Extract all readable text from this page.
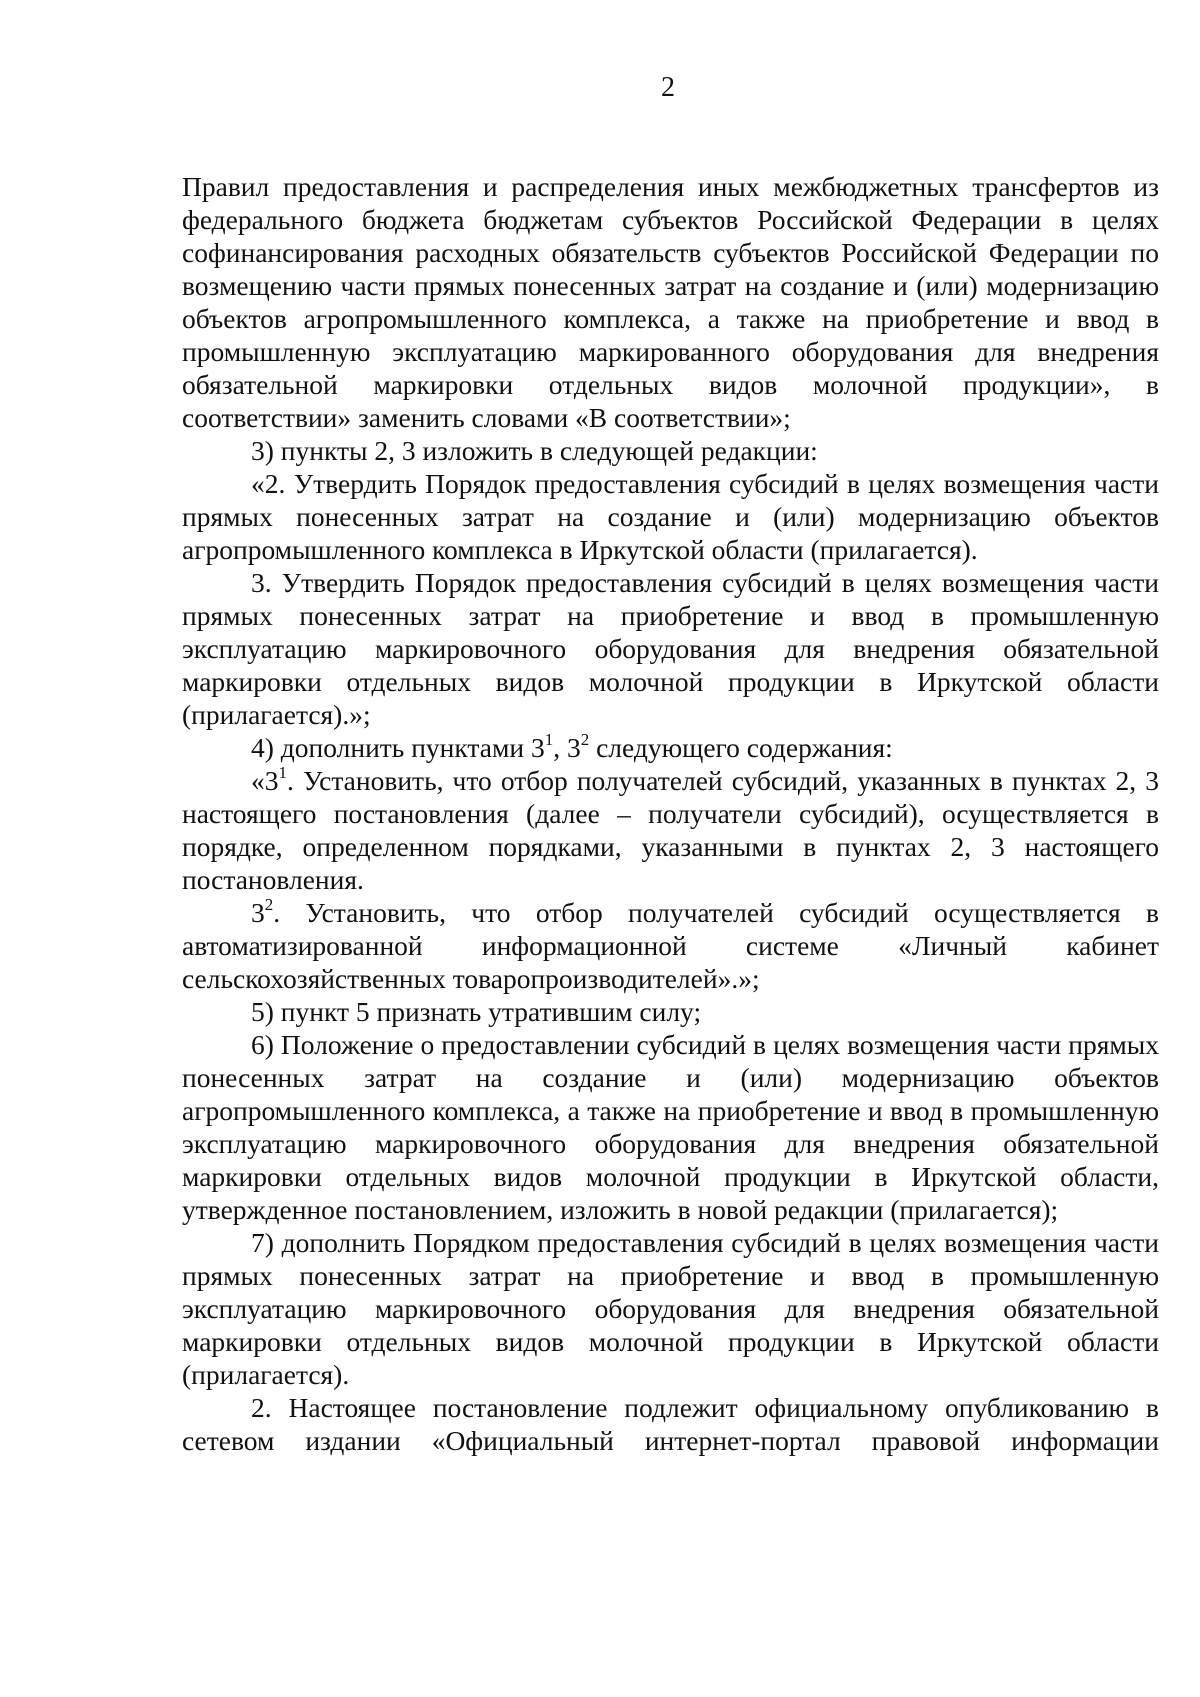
2

Правил предоставления и распределения иных межбюджетных трансфертов из федерального бюджета бюджетам субъектов Российской Федерации в целях софинансирования расходных обязательств субъектов Российской Федерации по возмещению части прямых понесенных затрат на создание и (или) модернизацию объектов агропромышленного комплекса, а также на приобретение и ввод в промышленную эксплуатацию маркированного оборудования для внедрения обязательной маркировки отдельных видов молочной продукции», в соответствии» заменить словами «В соответствии»;

3) пункты 2, 3 изложить в следующей редакции:

«2. Утвердить Порядок предоставления субсидий в целях возмещения части прямых понесенных затрат на создание и (или) модернизацию объектов агропромышленного комплекса в Иркутской области (прилагается).

3. Утвердить Порядок предоставления субсидий в целях возмещения части прямых понесенных затрат на приобретение и ввод в промышленную эксплуатацию маркировочного оборудования для внедрения обязательной маркировки отдельных видов молочной продукции в Иркутской области (прилагается).»;

4) дополнить пунктами $3^1$, $3^2$ следующего содержания:

«$3^1$. Установить, что отбор получателей субсидий, указанных в пунктах 2, 3 настоящего постановления (далее – получатели субсидий), осуществляется в порядке, определенном порядками, указанными в пунктах 2, 3 настоящего постановления.

$3^2$. Установить, что отбор получателей субсидий осуществляется в автоматизированной информационной системе «Личный кабинет сельскохозяйственных товаропроизводителей».»;

5) пункт 5 признать утратившим силу;

6) Положение о предоставлении субсидий в целях возмещения части прямых понесенных затрат на создание и (или) модернизацию объектов агропромышленного комплекса, а также на приобретение и ввод в промышленную эксплуатацию маркировочного оборудования для внедрения обязательной маркировки отдельных видов молочной продукции в Иркутской области, утвержденное постановлением, изложить в новой редакции (прилагается);

7) дополнить Порядком предоставления субсидий в целях возмещения части прямых понесенных затрат на приобретение и ввод в промышленную эксплуатацию маркировочного оборудования для внедрения обязательной маркировки отдельных видов молочной продукции в Иркутской области (прилагается).

2. Настоящее постановление подлежит официальному опубликованию в сетевом издании «Официальный интернет-портал правовой информации
